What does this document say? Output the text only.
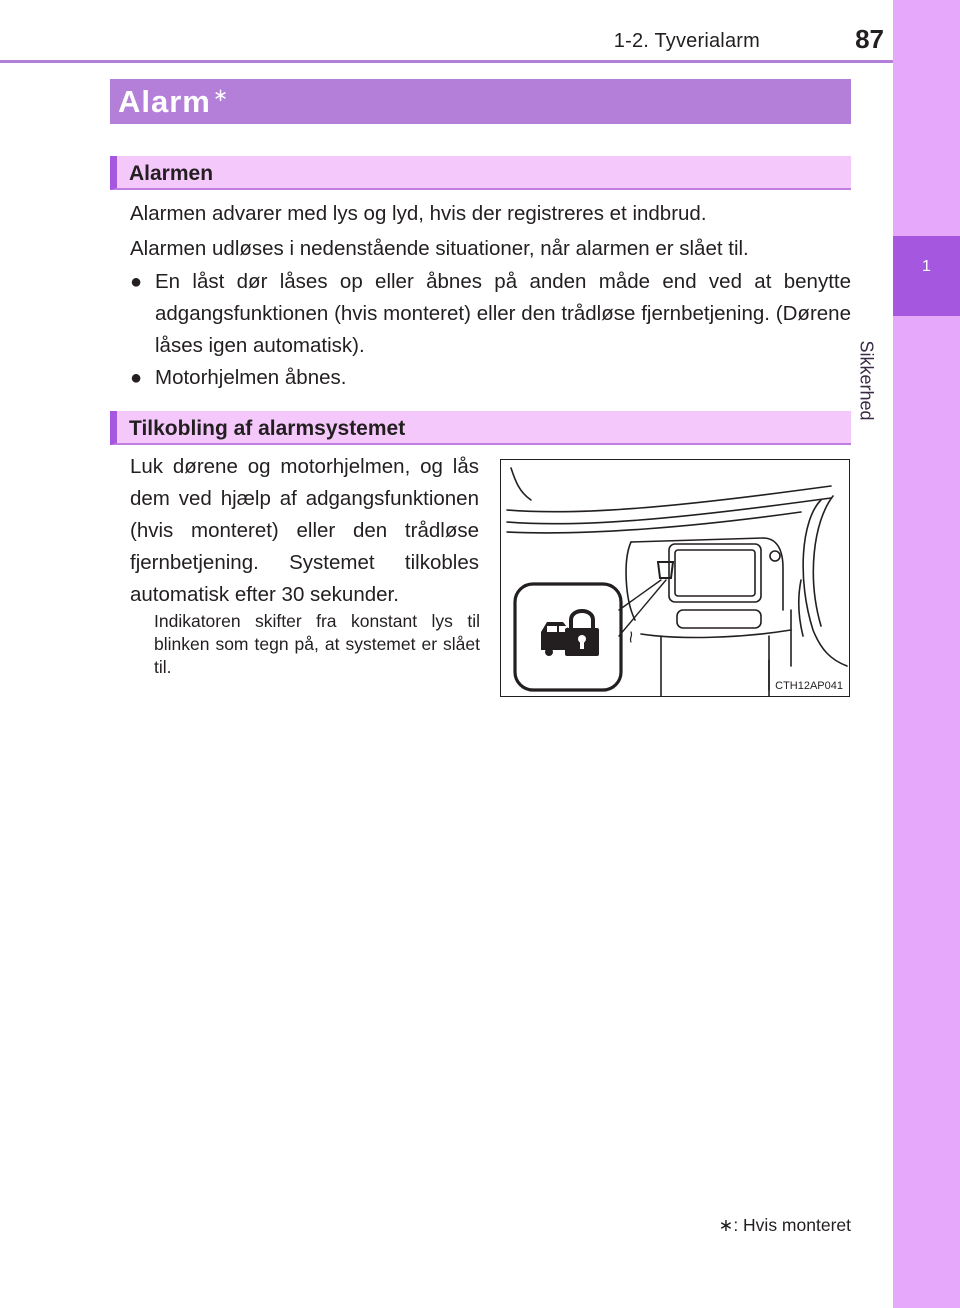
1-2. Tyverialarm	87
1
Sikkerhed
Alarm ∗
Alarmen
Alarmen advarer med lys og lyd, hvis der registreres et indbrud.
Alarmen udløses i nedenstående situationer, når alarmen er slået til.
● En låst dør låses op eller åbnes på anden måde end ved at benytte adgangsfunktionen (hvis monteret) eller den trådløse fjernbetjening. (Dørene låses igen automatisk).
● Motorhjelmen åbnes.
Tilkobling af alarmsystemet
Luk dørene og motorhjelmen, og lås dem ved hjælp af adgangsfunktionen (hvis monteret) eller den trådløse fjernbetjening. Systemet tilkobles automatisk efter 30 sekunder.
Indikatoren skifter fra konstant lys til blinken som tegn på, at systemet er slået til.
CTH12AP041
∗: Hvis monteret
